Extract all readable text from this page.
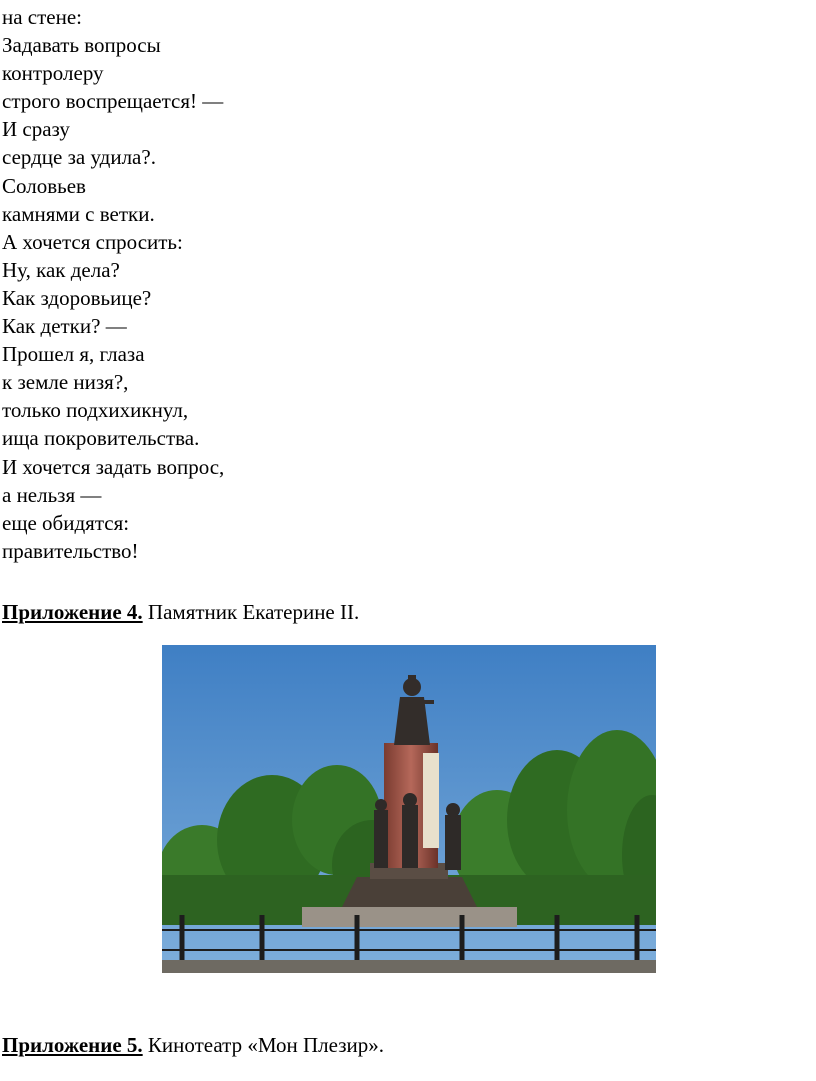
на стене:
Задавать вопросы
контролеру
строго воспрещается! —
И сразу
сердце за удила?.
Соловьев
камнями с ветки.
А хочется спросить:
Ну, как дела?
Как здоровьице?
Как детки? —
Прошел я, глаза
к земле низя?,
только подхихикнул,
ища покровительства.
И хочется задать вопрос,
а нельзя —
еще обидятся:
правительство!
Приложение 4. Памятник Екатерине II.
Приложение 5. Кинотеатр «Мон Плезир».
